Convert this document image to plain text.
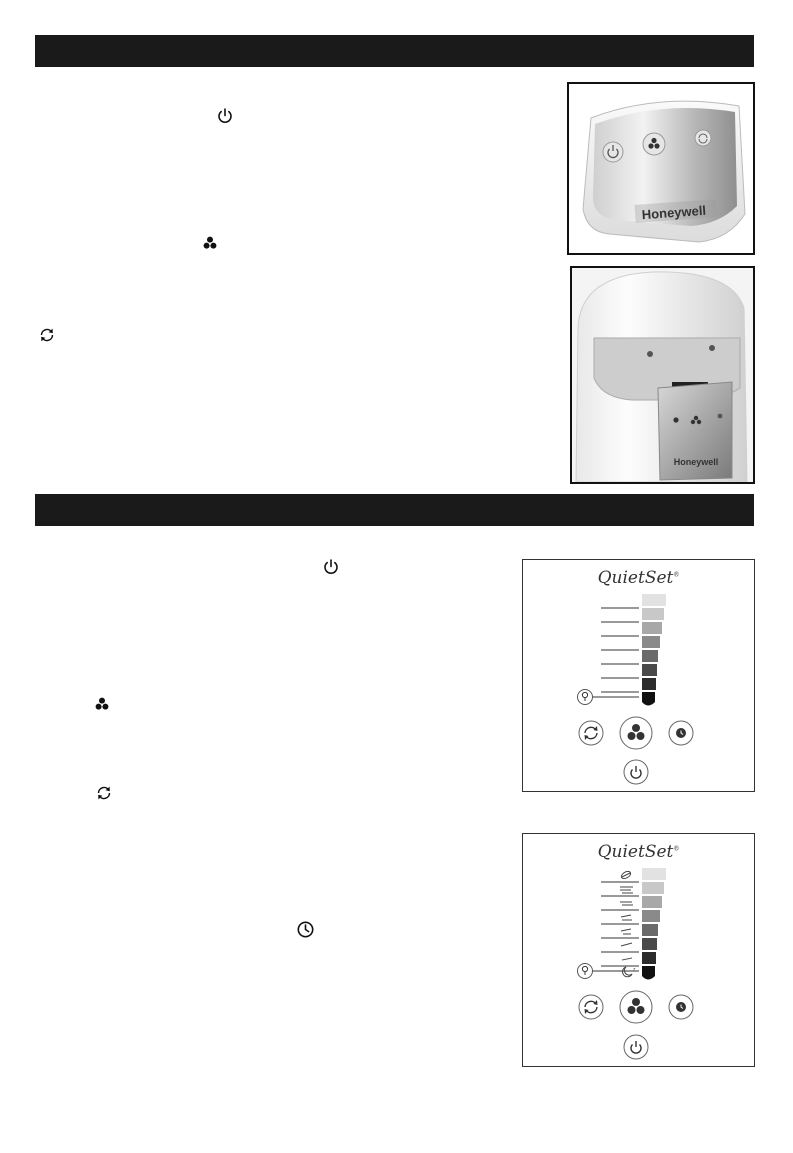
Honeywell
Honeywell
QuietSet®
QuietSet®
z
